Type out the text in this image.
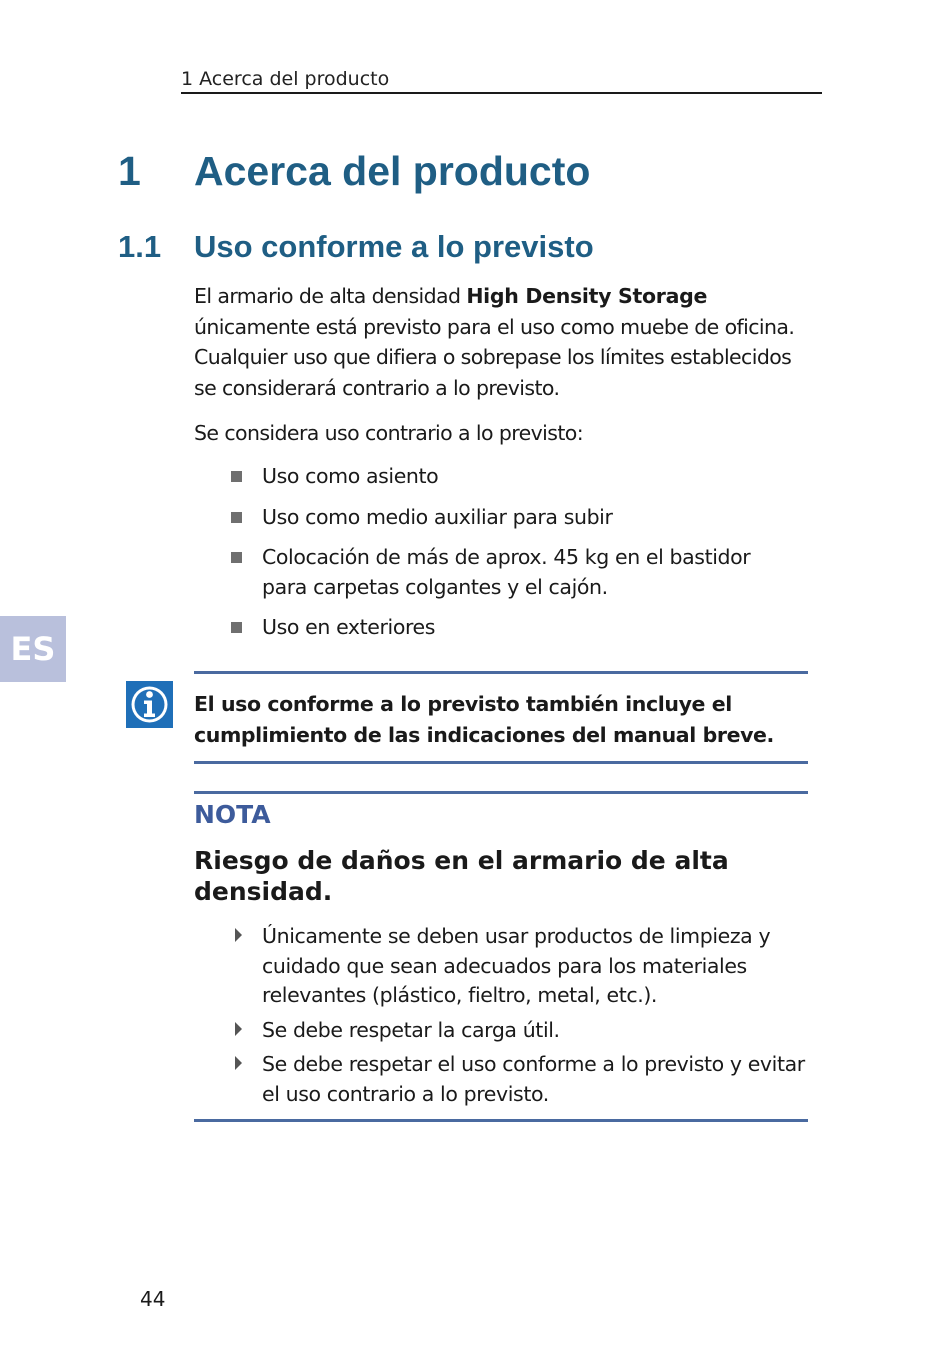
1 Acerca del producto
1 Acerca del producto
1.1 Uso conforme a lo previsto

El armario de alta densidad High Density Storage únicamente está previsto para el uso como muebe de oficina. Cualquier uso que difiera o sobrepase los límites establecidos se considerará contrario a lo previsto.

Se considera uso contrario a lo previsto:

Uso como asiento
Uso como medio auxiliar para subir
Colocación de más de aprox. 45 kg en el bastidor para carpetas colgantes y el cajón.
Uso en exteriores
ES
El uso conforme a lo previsto también incluye el cumplimiento de las indicaciones del manual breve.
NOTA
Riesgo de daños en el armario de alta densidad.
Únicamente se deben usar productos de limpieza y cuidado que sean adecuados para los materiales relevantes (plástico, fieltro, metal, etc.).
Se debe respetar la carga útil.
Se debe respetar el uso conforme a lo previsto y evitar el uso contrario a lo previsto.
44
